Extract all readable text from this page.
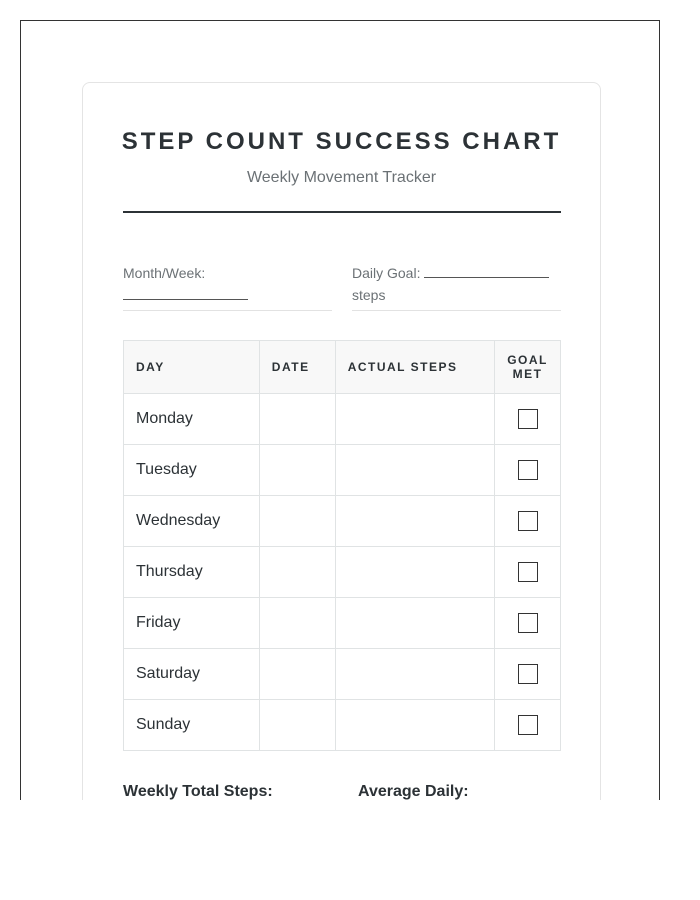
STEP COUNT SUCCESS CHART
Weekly Movement Tracker
Month/Week:	Daily Goal:
steps
DAY	DATE	ACTUAL STEPS	GOAL
MET
Monday			
Tuesday			
Wednesday			
Thursday			
Friday			
Saturday			
Sunday			
Weekly Total Steps:	Average Daily:
